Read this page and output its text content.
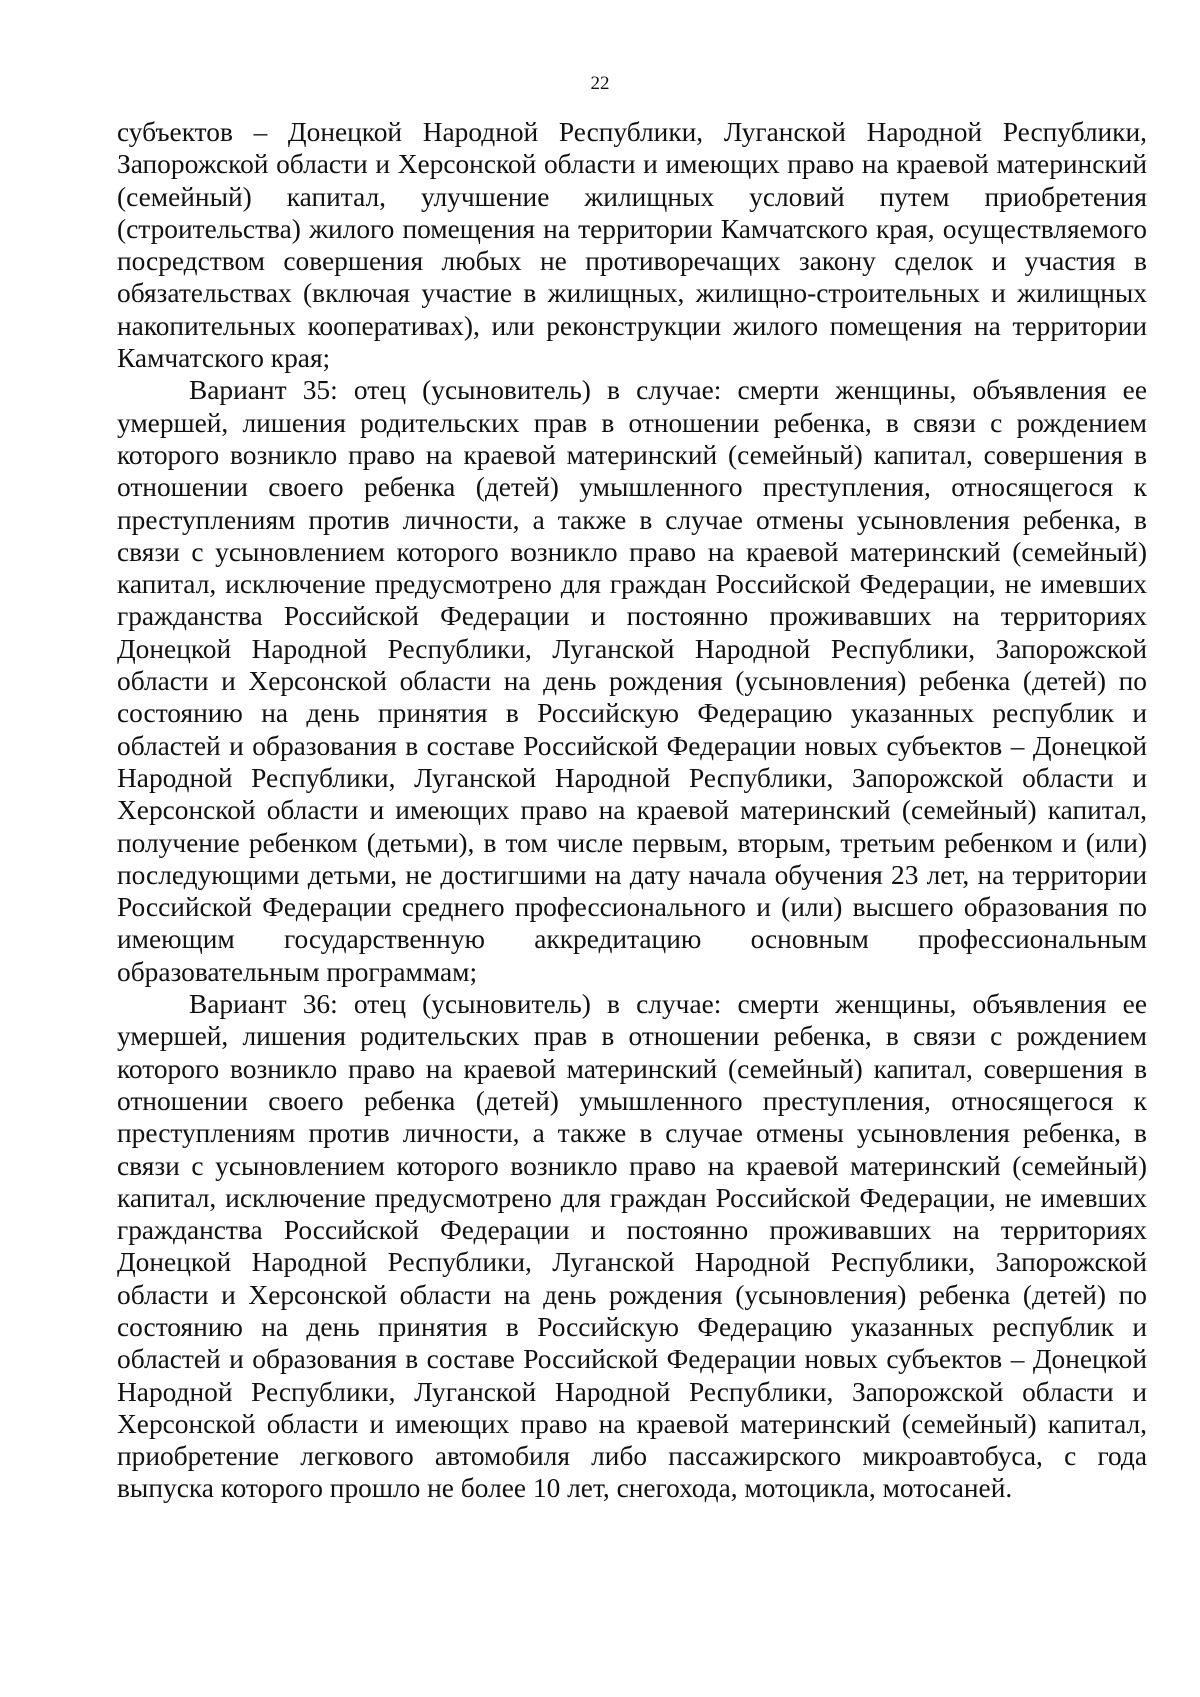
22

субъектов – Донецкой Народной Республики, Луганской Народной Республики, Запорожской области и Херсонской области и имеющих право на краевой материнский (семейный) капитал, улучшение жилищных условий путем приобретения (строительства) жилого помещения на территории Камчатского края, осуществляемого посредством совершения любых не противоречащих закону сделок и участия в обязательствах (включая участие в жилищных, жилищно-строительных и жилищных накопительных кооперативах), или реконструкции жилого помещения на территории Камчатского края;

Вариант 35: отец (усыновитель) в случае: смерти женщины, объявления ее умершей, лишения родительских прав в отношении ребенка, в связи с рождением которого возникло право на краевой материнский (семейный) капитал, совершения в отношении своего ребенка (детей) умышленного преступления, относящегося к преступлениям против личности, а также в случае отмены усыновления ребенка, в связи с усыновлением которого возникло право на краевой материнский (семейный) капитал, исключение предусмотрено для граждан Российской Федерации, не имевших гражданства Российской Федерации и постоянно проживавших на территориях Донецкой Народной Республики, Луганской Народной Республики, Запорожской области и Херсонской области на день рождения (усыновления) ребенка (детей) по состоянию на день принятия в Российскую Федерацию указанных республик и областей и образования в составе Российской Федерации новых субъектов – Донецкой Народной Республики, Луганской Народной Республики, Запорожской области и Херсонской области и имеющих право на краевой материнский (семейный) капитал, получение ребенком (детьми), в том числе первым, вторым, третьим ребенком и (или) последующими детьми, не достигшими на дату начала обучения 23 лет, на территории Российской Федерации среднего профессионального и (или) высшего образования по имеющим государственную аккредитацию основным профессиональным образовательным программам;

Вариант 36: отец (усыновитель) в случае: смерти женщины, объявления ее умершей, лишения родительских прав в отношении ребенка, в связи с рождением которого возникло право на краевой материнский (семейный) капитал, совершения в отношении своего ребенка (детей) умышленного преступления, относящегося к преступлениям против личности, а также в случае отмены усыновления ребенка, в связи с усыновлением которого возникло право на краевой материнский (семейный) капитал, исключение предусмотрено для граждан Российской Федерации, не имевших гражданства Российской Федерации и постоянно проживавших на территориях Донецкой Народной Республики, Луганской Народной Республики, Запорожской области и Херсонской области на день рождения (усыновления) ребенка (детей) по состоянию на день принятия в Российскую Федерацию указанных республик и областей и образования в составе Российской Федерации новых субъектов – Донецкой Народной Республики, Луганской Народной Республики, Запорожской области и Херсонской области и имеющих право на краевой материнский (семейный) капитал, приобретение легкового автомобиля либо пассажирского микроавтобуса, с года выпуска которого прошло не более 10 лет, снегохода, мотоцикла, мотосаней.
